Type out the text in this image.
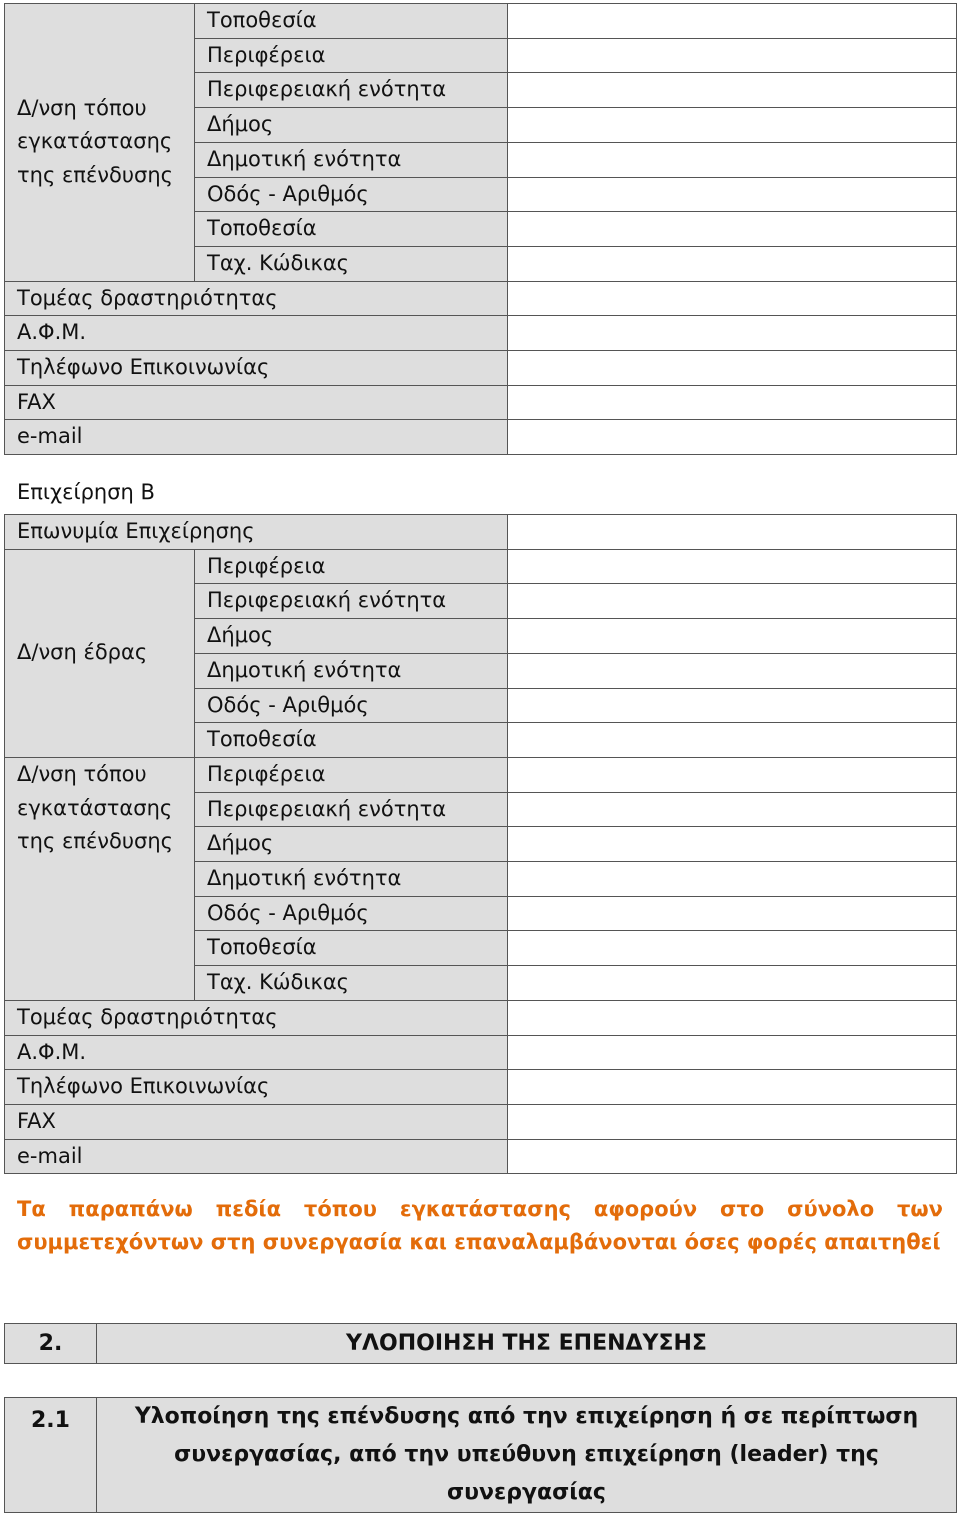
Δ/νση τόπου εγκατάστασης της επένδυσης	Τοποθεσία	
	Περιφέρεια	
	Περιφερειακή ενότητα	
	Δήμος	
	Δημοτική ενότητα	
	Οδός - Αριθμός	
	Τοποθεσία	
	Ταχ. Κώδικας	
Τομέας δραστηριότητας		
Α.Φ.Μ.		
Τηλέφωνο Επικοινωνίας		
FAX		
e-mail		
Επιχείρηση Β
Επωνυμία Επιχείρησης		
Δ/νση έδρας	Περιφέρεια	
	Περιφερειακή ενότητα	
	Δήμος	
	Δημοτική ενότητα	
	Οδός - Αριθμός	
	Τοποθεσία	

Δ/νση τόπου εγκατάστασης της επένδυσης	Περιφέρεια	
	Περιφερειακή ενότητα	
	Δήμος	
	Δημοτική ενότητα	
	Οδός - Αριθμός	
	Τοποθεσία	
	Ταχ. Κώδικας	
Τομέας δραστηριότητας		
Α.Φ.Μ.		
Τηλέφωνο Επικοινωνίας		
FAX		
e-mail		
Τα παραπάνω πεδία τόπου εγκατάστασης αφορούν στο σύνολο των συμμετεχόντων στη συνεργασία και επαναλαμβάνονται όσες φορές απαιτηθεί
2.	ΥΛΟΠΟΙΗΣΗ ΤΗΣ ΕΠΕΝΔΥΣΗΣ
2.1	Υλοποίηση της επένδυσης από την επιχείρηση ή σε περίπτωση συνεργασίας, από την υπεύθυνη επιχείρηση (leader) της συνεργασίας
